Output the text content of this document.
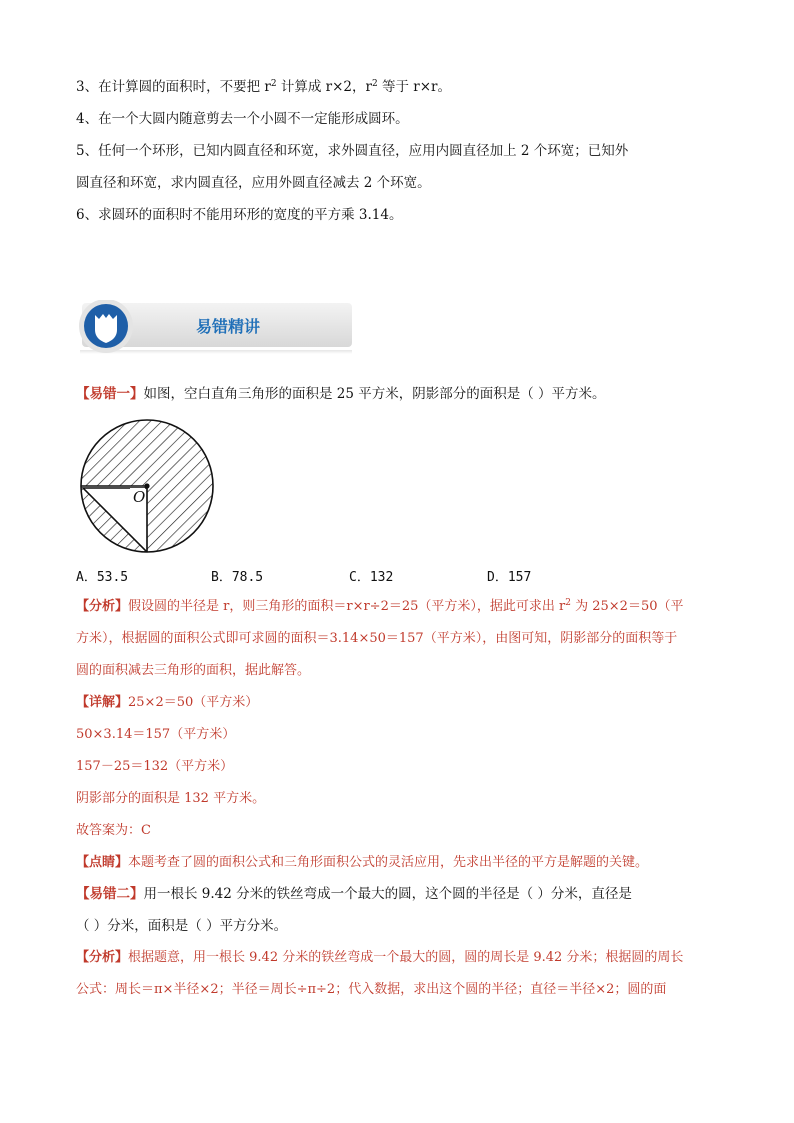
3、在计算圆的面积时，不要把 $r^2$ 计算成 r×2，$r^2$ 等于 r×r。
4、在一个大圆内随意剪去一个小圆不一定能形成圆环。
5、任何一个环形，已知内圆直径和环宽，求外圆直径，应用内圆直径加上 2 个环宽；已知外
圆直径和环宽，求内圆直径，应用外圆直径减去 2 个环宽。
6、求圆环的面积时不能用环形的宽度的平方乘 3.14。
易错精讲
【易错一】如图，空白直角三角形的面积是 25 平方米，阴影部分的面积是（ ）平方米。
O
A．53.5	B．78.5	C．132	D．157
【分析】假设圆的半径是 r，则三角形的面积＝r×r÷2＝25（平方米），据此可求出 $r^2$ 为 25×2＝50（平
方米），根据圆的面积公式即可求圆的面积＝3.14×50＝157（平方米），由图可知，阴影部分的面积等于
圆的面积减去三角形的面积，据此解答。
【详解】25×2＝50（平方米）
50×3.14＝157（平方米）
157－25＝132（平方米）
阴影部分的面积是 132 平方米。
故答案为：C
【点睛】本题考查了圆的面积公式和三角形面积公式的灵活应用，先求出半径的平方是解题的关键。
【易错二】用一根长 9.42 分米的铁丝弯成一个最大的圆，这个圆的半径是（ ）分米，直径是
（ ）分米，面积是（ ）平方分米。
【分析】根据题意，用一根长 9.42 分米的铁丝弯成一个最大的圆，圆的周长是 9.42 分米；根据圆的周长
公式：周长＝π×半径×2；半径＝周长÷π÷2；代入数据，求出这个圆的半径；直径＝半径×2；圆的面
